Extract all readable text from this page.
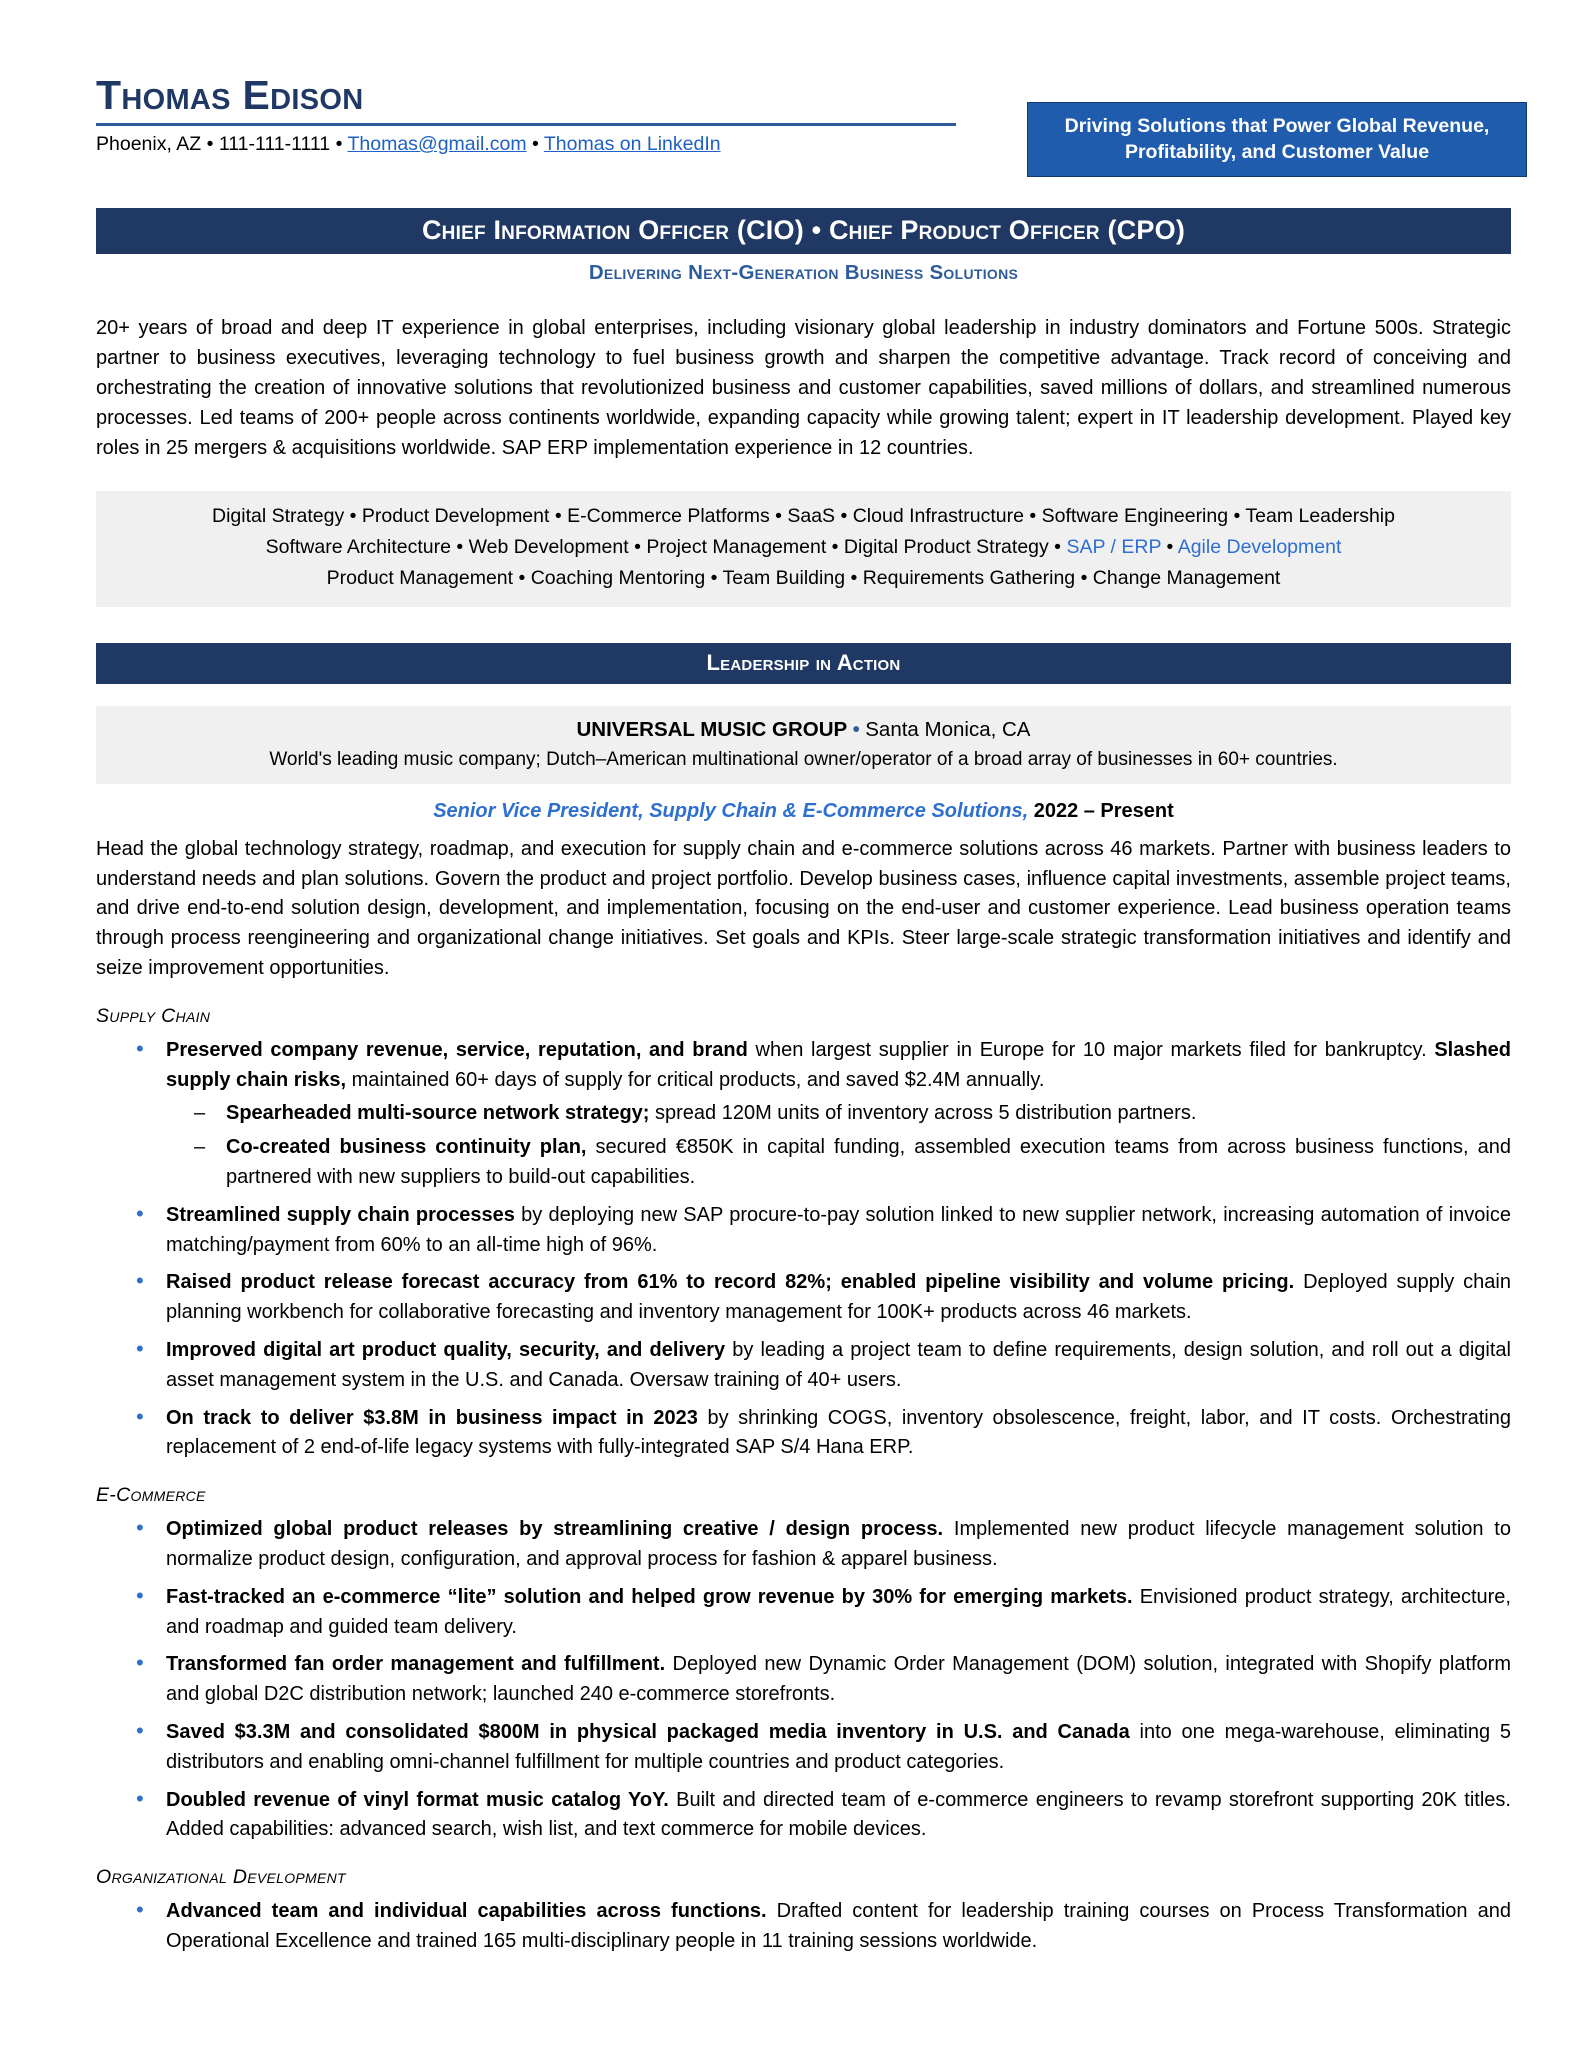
Thomas Edison
Phoenix, AZ • 111-111-1111 • Thomas@gmail.com • Thomas on LinkedIn
Driving Solutions that Power Global Revenue,
Profitability, and Customer Value
Chief Information Officer (CIO) • Chief Product Officer (CPO)
Delivering Next-Generation Business Solutions
20+ years of broad and deep IT experience in global enterprises, including visionary global leadership in industry dominators and Fortune 500s. Strategic partner to business executives, leveraging technology to fuel business growth and sharpen the competitive advantage. Track record of conceiving and orchestrating the creation of innovative solutions that revolutionized business and customer capabilities, saved millions of dollars, and streamlined numerous processes. Led teams of 200+ people across continents worldwide, expanding capacity while growing talent; expert in IT leadership development. Played key roles in 25 mergers & acquisitions worldwide. SAP ERP implementation experience in 12 countries.
Digital Strategy • Product Development • E-Commerce Platforms • SaaS • Cloud Infrastructure • Software Engineering • Team Leadership
Software Architecture • Web Development • Project Management • Digital Product Strategy • SAP / ERP • Agile Development
Product Management • Coaching Mentoring • Team Building • Requirements Gathering • Change Management
Leadership in Action
UNIVERSAL MUSIC GROUP • Santa Monica, CA
World's leading music company; Dutch–American multinational owner/operator of a broad array of businesses in 60+ countries.
Senior Vice President, Supply Chain & E-Commerce Solutions, 2022 – Present
Head the global technology strategy, roadmap, and execution for supply chain and e-commerce solutions across 46 markets. Partner with business leaders to understand needs and plan solutions. Govern the product and project portfolio. Develop business cases, influence capital investments, assemble project teams, and drive end-to-end solution design, development, and implementation, focusing on the end-user and customer experience. Lead business operation teams through process reengineering and organizational change initiatives. Set goals and KPIs. Steer large-scale strategic transformation initiatives and identify and seize improvement opportunities.
Supply Chain
• Preserved company revenue, service, reputation, and brand when largest supplier in Europe for 10 major markets filed for bankruptcy. Slashed supply chain risks, maintained 60+ days of supply for critical products, and saved $2.4M annually.
– Spearheaded multi-source network strategy; spread 120M units of inventory across 5 distribution partners.
– Co-created business continuity plan, secured €850K in capital funding, assembled execution teams from across business functions, and partnered with new suppliers to build-out capabilities.
• Streamlined supply chain processes by deploying new SAP procure-to-pay solution linked to new supplier network, increasing automation of invoice matching/payment from 60% to an all-time high of 96%.
• Raised product release forecast accuracy from 61% to record 82%; enabled pipeline visibility and volume pricing. Deployed supply chain planning workbench for collaborative forecasting and inventory management for 100K+ products across 46 markets.
• Improved digital art product quality, security, and delivery by leading a project team to define requirements, design solution, and roll out a digital asset management system in the U.S. and Canada. Oversaw training of 40+ users.
• On track to deliver $3.8M in business impact in 2023 by shrinking COGS, inventory obsolescence, freight, labor, and IT costs. Orchestrating replacement of 2 end-of-life legacy systems with fully-integrated SAP S/4 Hana ERP.
E-Commerce
• Optimized global product releases by streamlining creative / design process. Implemented new product lifecycle management solution to normalize product design, configuration, and approval process for fashion & apparel business.
• Fast-tracked an e-commerce “lite” solution and helped grow revenue by 30% for emerging markets. Envisioned product strategy, architecture, and roadmap and guided team delivery.
• Transformed fan order management and fulfillment. Deployed new Dynamic Order Management (DOM) solution, integrated with Shopify platform and global D2C distribution network; launched 240 e-commerce storefronts.
• Saved $3.3M and consolidated $800M in physical packaged media inventory in U.S. and Canada into one mega-warehouse, eliminating 5 distributors and enabling omni-channel fulfillment for multiple countries and product categories.
• Doubled revenue of vinyl format music catalog YoY. Built and directed team of e-commerce engineers to revamp storefront supporting 20K titles. Added capabilities: advanced search, wish list, and text commerce for mobile devices.
Organizational Development
• Advanced team and individual capabilities across functions. Drafted content for leadership training courses on Process Transformation and Operational Excellence and trained 165 multi-disciplinary people in 11 training sessions worldwide.
